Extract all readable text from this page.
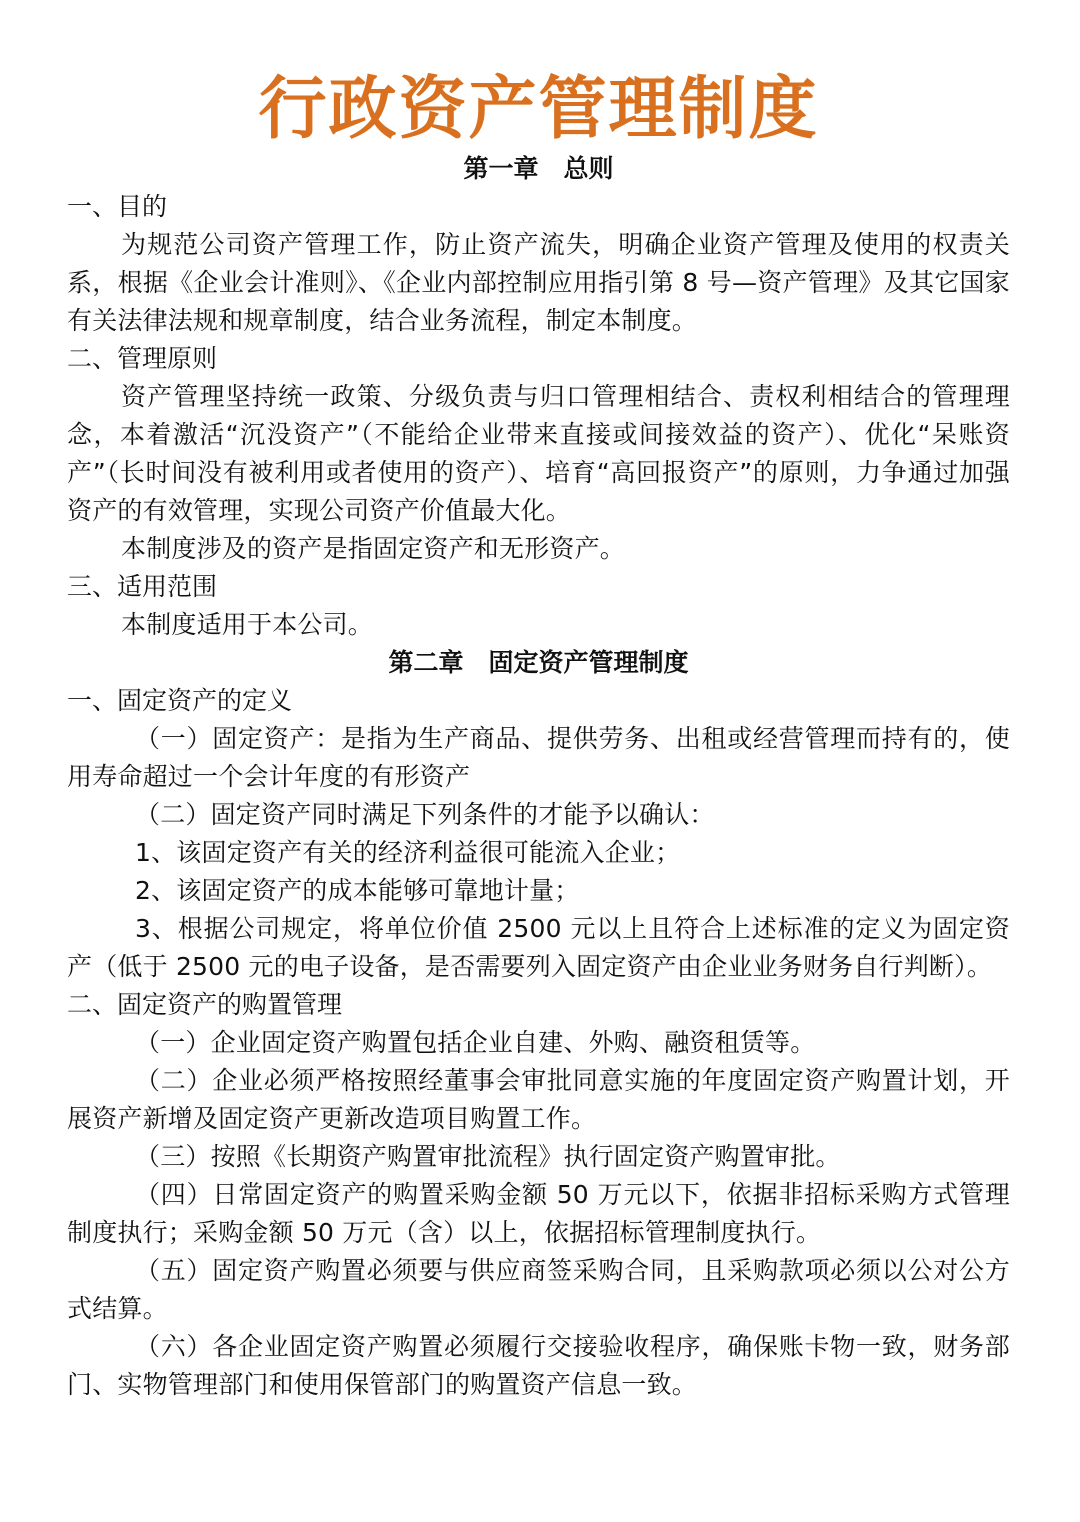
行政资产管理制度
第一章　总则
一、目的

为规范公司资产管理工作，防止资产流失，明确企业资产管理及使用的权责关系，根据《企业会计准则》、《企业内部控制应用指引第 8 号—资产管理》及其它国家有关法律法规和规章制度，结合业务流程，制定本制度。

二、管理原则

资产管理坚持统一政策、分级负责与归口管理相结合、责权利相结合的管理理念，本着激活“沉没资产”（不能给企业带来直接或间接效益的资产）、优化“呆账资产”（长时间没有被利用或者使用的资产）、培育“高回报资产”的原则，力争通过加强资产的有效管理，实现公司资产价值最大化。

本制度涉及的资产是指固定资产和无形资产。

三、适用范围

本制度适用于本公司。

第二章　固定资产管理制度
一、固定资产的定义

（一）固定资产：是指为生产商品、提供劳务、出租或经营管理而持有的，使用寿命超过一个会计年度的有形资产

（二）固定资产同时满足下列条件的才能予以确认：

1、该固定资产有关的经济利益很可能流入企业；

2、该固定资产的成本能够可靠地计量；

3、根据公司规定，将单位价值 2500 元以上且符合上述标准的定义为固定资产（低于 2500 元的电子设备，是否需要列入固定资产由企业业务财务自行判断）。

二、固定资产的购置管理

（一）企业固定资产购置包括企业自建、外购、融资租赁等。

（二）企业必须严格按照经董事会审批同意实施的年度固定资产购置计划，开展资产新增及固定资产更新改造项目购置工作。

（三）按照《长期资产购置审批流程》执行固定资产购置审批。

（四）日常固定资产的购置采购金额 50 万元以下，依据非招标采购方式管理制度执行；采购金额 50 万元（含）以上，依据招标管理制度执行。

（五）固定资产购置必须要与供应商签采购合同，且采购款项必须以公对公方式结算。

（六）各企业固定资产购置必须履行交接验收程序，确保账卡物一致，财务部门、实物管理部门和使用保管部门的购置资产信息一致。
